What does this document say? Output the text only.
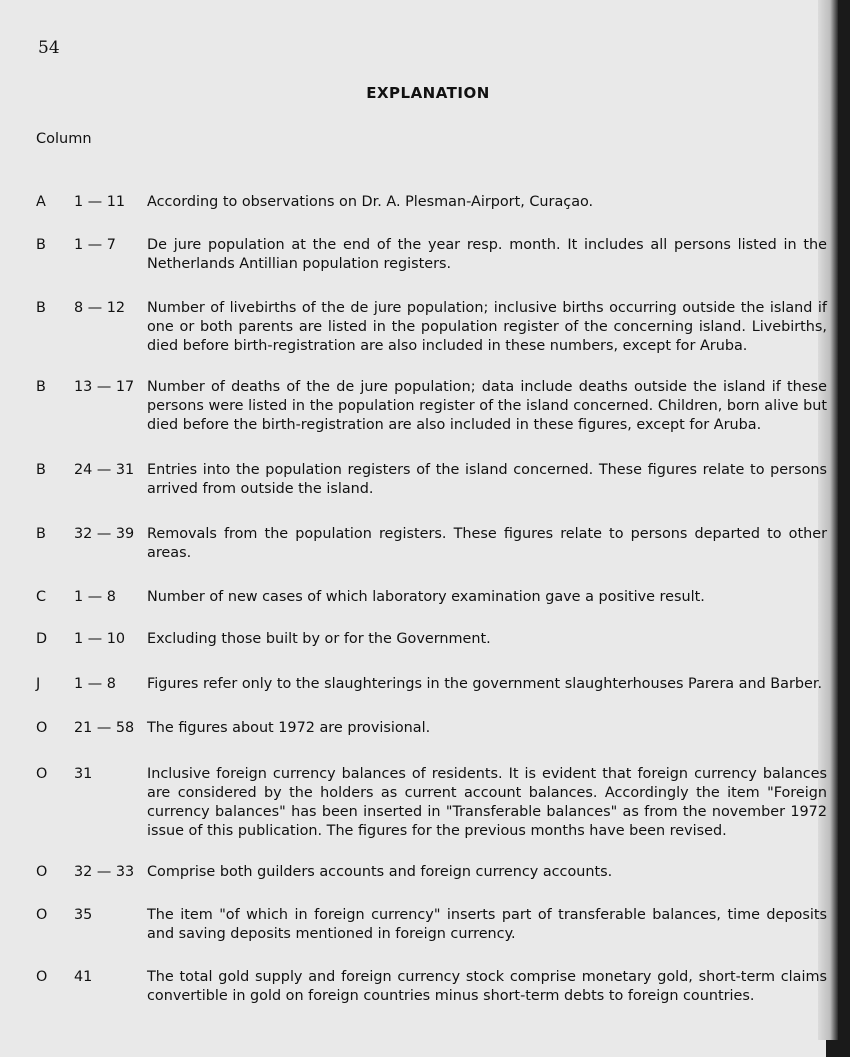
54
EXPLANATION
Column
A 1 — 11	According to observations on Dr. A. Plesman-Airport, Curaçao.
B 1 — 7	De jure population at the end of the year resp. month. It includes all persons listed in the Netherlands Antillian population registers.
B 8 — 12	Number of livebirths of the de jure population; inclusive births occurring outside the island if one or both parents are listed in the population register of the concerning island. Livebirths, died before birth-registration are also included in these numbers, except for Aruba.
B 13 — 17 Number of deaths of the de jure population; data include deaths outside the island if these persons were listed in the population register of the island concerned. Children, born alive but died before the birth-registration are also included in these figures, except for Aruba.
B 24 — 31 Entries into the population registers of the island concerned. These figures relate to persons arrived from outside the island.
B 32 — 39 Removals from the population registers. These figures relate to persons departed to other areas.
C 1 — 8	Number of new cases of which laboratory examination gave a positive result.
D 1 — 10	Excluding those built by or for the Government.
J 1 — 8	Figures refer only to the slaughterings in the government slaughterhouses Parera and Barber.
O 21 — 58 The figures about 1972 are provisional.
O 31	Inclusive foreign currency balances of residents. It is evident that foreign currency balances are considered by the holders as current account balances. Accordingly the item "Foreign currency balances" has been inserted in "Transferable balances" as from the november 1972 issue of this publication. The figures for the previous months have been revised.
O 32 — 33 Comprise both guilders accounts and foreign currency accounts.
O 35	The item "of which in foreign currency" inserts part of transferable balances, time deposits and saving deposits mentioned in foreign currency.
O 41	The total gold supply and foreign currency stock comprise monetary gold, short-term claims convertible in gold on foreign countries minus short-term debts to foreign countries.
